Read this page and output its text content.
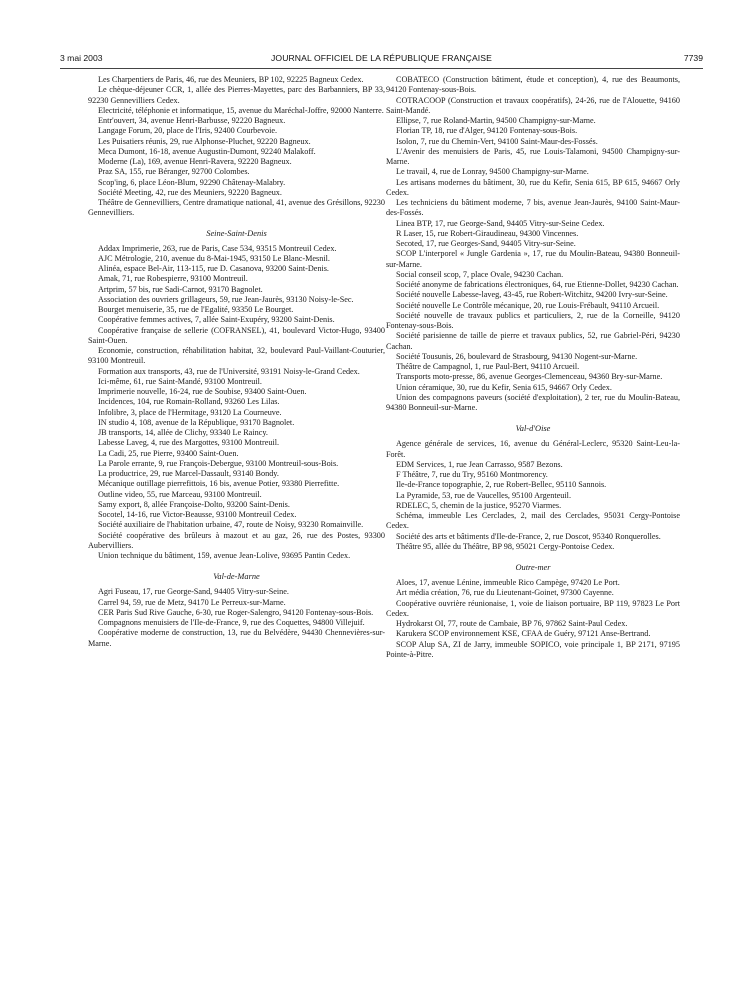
3 mai 2003	JOURNAL OFFICIEL DE LA RÉPUBLIQUE FRANÇAISE	7739

Les Charpentiers de Paris, 46, rue des Meuniers, BP 102, 92225 Bagneux Cedex.

Le chèque-déjeuner CCR, 1, allée des Pierres-Mayettes, parc des Barbanniers, BP 33, 92230 Gennevilliers Cedex.

Electricité, téléphonie et informatique, 15, avenue du Maréchal-Joffre, 92000 Nanterre.

Entr'ouvert, 34, avenue Henri-Barbusse, 92220 Bagneux.

Langage Forum, 20, place de l'Iris, 92400 Courbevoie.

Les Puisatiers réunis, 29, rue Alphonse-Pluchet, 92220 Bagneux.

Meca Dumont, 16-18, avenue Augustin-Dumont, 92240 Malakoff.

Moderne (La), 169, avenue Henri-Ravera, 92220 Bagneux.

Praz SA, 155, rue Béranger, 92700 Colombes.

Scop'ing, 6, place Léon-Blum, 92290 Châtenay-Malabry.

Société Meeting, 42, rue des Meuniers, 92220 Bagneux.

Théâtre de Gennevilliers, Centre dramatique national, 41, avenue des Grésillons, 92230 Gennevilliers.

Seine-Saint-Denis

Addax Imprimerie, 263, rue de Paris, Case 534, 93515 Montreuil Cedex.

AJC Métrologie, 210, avenue du 8-Mai-1945, 93150 Le Blanc-Mesnil.

Alinéa, espace Bel-Air, 113-115, rue D. Casanova, 93200 Saint-Denis.

Amak, 71, rue Robespierre, 93100 Montreuil.

Artprim, 57 bis, rue Sadi-Carnot, 93170 Bagnolet.

Association des ouvriers grillageurs, 59, rue Jean-Jaurès, 93130 Noisy-le-Sec.

Bourget menuiserie, 35, rue de l'Egalité, 93350 Le Bourget.

Coopérative femmes actives, 7, allée Saint-Exupéry, 93200 Saint-Denis.

Coopérative française de sellerie (COFRANSEL), 41, boulevard Victor-Hugo, 93400 Saint-Ouen.

Economie, construction, réhabilitation habitat, 32, boulevard Paul-Vaillant-Couturier, 93100 Montreuil.

Formation aux transports, 43, rue de l'Université, 93191 Noisy-le-Grand Cedex.

Ici-même, 61, rue Saint-Mandé, 93100 Montreuil.

Imprimerie nouvelle, 16-24, rue de Soubise, 93400 Saint-Ouen.

Incidences, 104, rue Romain-Rolland, 93260 Les Lilas.

Infolibre, 3, place de l'Hermitage, 93120 La Courneuve.

IN studio 4, 108, avenue de la République, 93170 Bagnolet.

JB transports, 14, allée de Clichy, 93340 Le Raincy.

Labesse Laveg, 4, rue des Margottes, 93100 Montreuil.

La Cadi, 25, rue Pierre, 93400 Saint-Ouen.

La Parole errante, 9, rue François-Debergue, 93100 Montreuil-sous-Bois.

La productrice, 29, rue Marcel-Dassault, 93140 Bondy.

Mécanique outillage pierrefittois, 16 bis, avenue Potier, 93380 Pierrefitte.

Outline video, 55, rue Marceau, 93100 Montreuil.

Samy export, 8, allée Françoise-Dolto, 93200 Saint-Denis.

Socotel, 14-16, rue Victor-Beausse, 93100 Montreuil Cedex.

Société auxiliaire de l'habitation urbaine, 47, route de Noisy, 93230 Romainville.

Société coopérative des brûleurs à mazout et au gaz, 26, rue des Postes, 93300 Aubervilliers.

Union technique du bâtiment, 159, avenue Jean-Lolive, 93695 Pantin Cedex.

Val-de-Marne

Agri Fuseau, 17, rue George-Sand, 94405 Vitry-sur-Seine.

Carrel 94, 59, rue de Metz, 94170 Le Perreux-sur-Marne.

CER Paris Sud Rive Gauche, 6-30, rue Roger-Salengro, 94120 Fontenay-sous-Bois.

Compagnons menuisiers de l'Ile-de-France, 9, rue des Coquettes, 94800 Villejuif.

Coopérative moderne de construction, 13, rue du Belvédère, 94430 Chennevières-sur-Marne.

COBATECO (Construction bâtiment, étude et conception), 4, rue des Beaumonts, 94120 Fontenay-sous-Bois.

COTRACOOP (Construction et travaux coopératifs), 24-26, rue de l'Alouette, 94160 Saint-Mandé.

Ellipse, 7, rue Roland-Martin, 94500 Champigny-sur-Marne.

Florian TP, 18, rue d'Alger, 94120 Fontenay-sous-Bois.

Isolon, 7, rue du Chemin-Vert, 94100 Saint-Maur-des-Fossés.

L'Avenir des menuisiers de Paris, 45, rue Louis-Talamoni, 94500 Champigny-sur-Marne.

Le travail, 4, rue de Lonray, 94500 Champigny-sur-Marne.

Les artisans modernes du bâtiment, 30, rue du Kefir, Senia 615, BP 615, 94667 Orly Cedex.

Les techniciens du bâtiment moderne, 7 bis, avenue Jean-Jaurès, 94100 Saint-Maur-des-Fossés.

Linea BTP, 17, rue George-Sand, 94405 Vitry-sur-Seine Cedex.

R Laser, 15, rue Robert-Giraudineau, 94300 Vincennes.

Secoted, 17, rue Georges-Sand, 94405 Vitry-sur-Seine.

SCOP L'interporel « Jungle Gardenia », 17, rue du Moulin-Bateau, 94380 Bonneuil-sur-Marne.

Social conseil scop, 7, place Ovale, 94230 Cachan.

Société anonyme de fabrications électroniques, 64, rue Etienne-Dollet, 94230 Cachan.

Société nouvelle Labesse-laveg, 43-45, rue Robert-Witchitz, 94200 Ivry-sur-Seine.

Société nouvelle Le Contrôle mécanique, 20, rue Louis-Frébault, 94110 Arcueil.

Société nouvelle de travaux publics et particuliers, 2, rue de la Corneille, 94120 Fontenay-sous-Bois.

Société parisienne de taille de pierre et travaux publics, 52, rue Gabriel-Péri, 94230 Cachan.

Société Tousunis, 26, boulevard de Strasbourg, 94130 Nogent-sur-Marne.

Théâtre de Campagnol, 1, rue Paul-Bert, 94110 Arcueil.

Transports moto-presse, 86, avenue Georges-Clemenceau, 94360 Bry-sur-Marne.

Union céramique, 30, rue du Kefir, Senia 615, 94667 Orly Cedex.

Union des compagnons paveurs (société d'exploitation), 2 ter, rue du Moulin-Bateau, 94380 Bonneuil-sur-Marne.

Val-d'Oise

Agence générale de services, 16, avenue du Général-Leclerc, 95320 Saint-Leu-la-Forêt.

EDM Services, 1, rue Jean Carrasso, 9587 Bezons.

F Théâtre, 7, rue du Try, 95160 Montmorency.

Ile-de-France topographie, 2, rue Robert-Bellec, 95110 Sannois.

La Pyramide, 53, rue de Vaucelles, 95100 Argenteuil.

RDELEC, 5, chemin de la justice, 95270 Viarmes.

Schéma, immeuble Les Cerclades, 2, mail des Cerclades, 95031 Cergy-Pontoise Cedex.

Société des arts et bâtiments d'Ile-de-France, 2, rue Doscot, 95340 Ronquerolles.

Théâtre 95, allée du Théâtre, BP 98, 95021 Cergy-Pontoise Cedex.

Outre-mer

Aloes, 17, avenue Lénine, immeuble Rico Campège, 97420 Le Port.

Art média création, 76, rue du Lieutenant-Goinet, 97300 Cayenne.

Coopérative ouvrière réunionaise, 1, voie de liaison portuaire, BP 119, 97823 Le Port Cedex.

Hydrokarst OI, 77, route de Cambaie, BP 76, 97862 Saint-Paul Cedex.

Karukera SCOP environnement KSE, CFAA de Guéry, 97121 Anse-Bertrand.

SCOP Alup SA, ZI de Jarry, immeuble SOPICO, voie principale 1, BP 2171, 97195 Pointe-à-Pitre.
